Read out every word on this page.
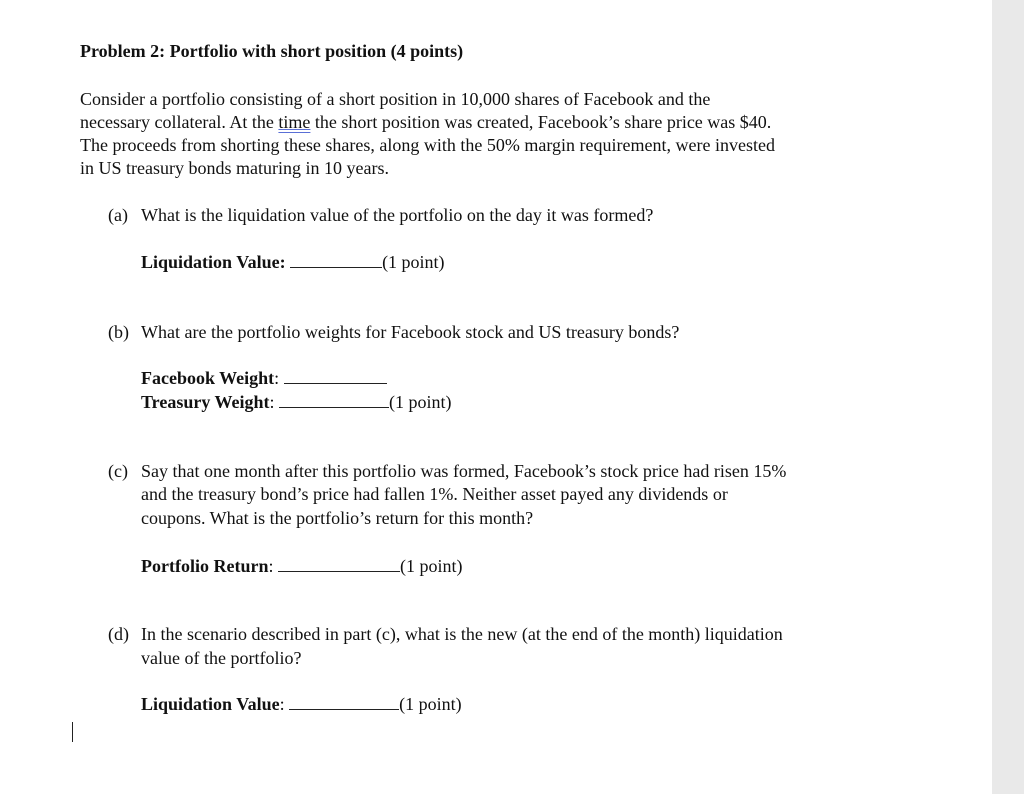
Problem 2: Portfolio with short position (4 points)
Consider a portfolio consisting of a short position in 10,000 shares of Facebook and the
necessary collateral. At the time the short position was created, Facebook’s share price was $40.
The proceeds from shorting these shares, along with the 50% margin requirement, were invested
in US treasury bonds maturing in 10 years.
(a) What is the liquidation value of the portfolio on the day it was formed?
Liquidation Value:	(1 point)
(b) What are the portfolio weights for Facebook stock and US treasury bonds?
Facebook Weight:
Treasury Weight:	(1 point)
(c) Say that one month after this portfolio was formed, Facebook’s stock price had risen 15%
and the treasury bond’s price had fallen 1%. Neither asset payed any dividends or
coupons. What is the portfolio’s return for this month?
Portfolio Return:	(1 point)
(d) In the scenario described in part (c), what is the new (at the end of the month) liquidation
value of the portfolio?
Liquidation Value:	(1 point)
